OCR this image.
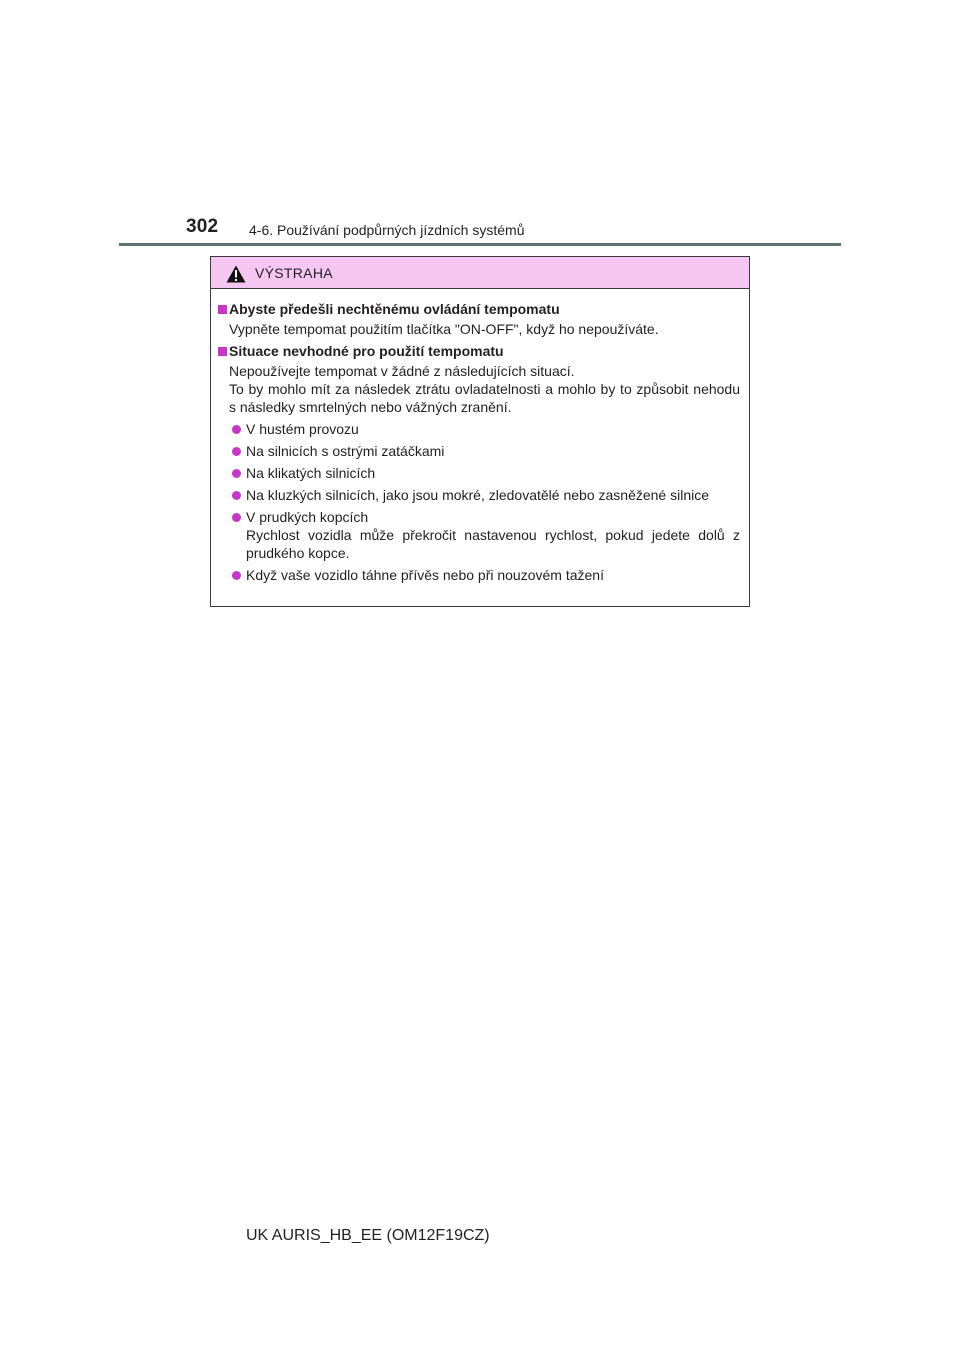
302 4-6. Používání podpůrných jízdních systémů
VÝSTRAHA
Abyste předešli nechtěnému ovládání tempomatu
Vypněte tempomat použitím tlačítka "ON-OFF", když ho nepoužíváte.
Situace nevhodné pro použití tempomatu
Nepoužívejte tempomat v žádné z následujících situací.
To by mohlo mít za následek ztrátu ovladatelnosti a mohlo by to způsobit nehodu s následky smrtelných nebo vážných zranění.
V hustém provozu
Na silnicích s ostrými zatáčkami
Na klikatých silnicích
Na kluzkých silnicích, jako jsou mokré, zledovatělé nebo zasněžené silnice
V prudkých kopcích
Rychlost vozidla může překročit nastavenou rychlost, pokud jedete dolů z prudkého kopce.
Když vaše vozidlo táhne přívěs nebo při nouzovém tažení
UK AURIS_HB_EE (OM12F19CZ)
